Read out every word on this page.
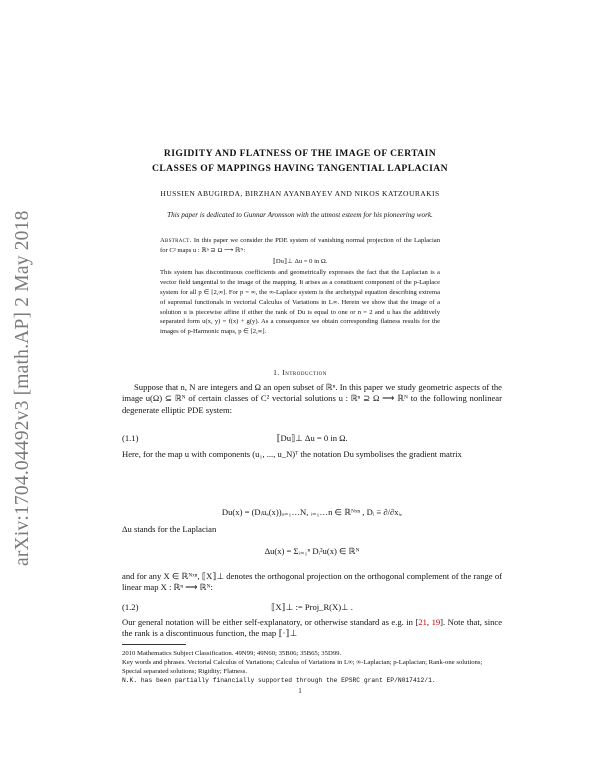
arXiv:1704.04492v3 [math.AP] 2 May 2018
RIGIDITY AND FLATNESS OF THE IMAGE OF CERTAIN
CLASSES OF MAPPINGS HAVING TANGENTIAL LAPLACIAN
HUSSIEN ABUGIRDA, BIRZHAN AYANBAYEV AND NIKOS KATZOURAKIS
This paper is dedicated to Gunnar Aronsson with the utmost esteem for his pioneering work.
Abstract. In this paper we consider the PDE system of vanishing normal projection of the Laplacian for C² maps u : ℝⁿ ⊇ Ω ⟶ ℝᴺ:
⟦Du⟧⊥ Δu = 0 in Ω.
This system has discontinuous coefficients and geometrically expresses the fact that the Laplacian is a vector field tangential to the image of the mapping. It arises as a constituent component of the p-Laplace system for all p ∈ [2,∞]. For p = ∞, the ∞-Laplace system is the archetypal equation describing extrema of supremal functionals in vectorial Calculus of Variations in L∞. Herein we show that the image of a solution u is piecewise affine if either the rank of Du is equal to one or n = 2 and u has the additively separated form u(x, y) = f(x) + g(y). As a consequence we obtain corresponding flatness results for the images of p-Harmonic maps, p ∈ [2,∞].
1. Introduction
Suppose that n, N are integers and Ω an open subset of ℝⁿ. In this paper we study geometric aspects of the image u(Ω) ⊆ ℝᴺ of certain classes of C² vectorial solutions u : ℝⁿ ⊇ Ω ⟶ ℝᴺ to the following nonlinear degenerate elliptic PDE system:
(1.1)	⟦Du⟧⊥ Δu = 0 in Ω.
Here, for the map u with components (u₁, ..., u_N)ᵀ the notation Du symbolises the gradient matrix
Du(x) = (Dᵢuₐ(x))ₐ₌₁…N, ᵢ₌₁…n ∈ ℝᴺˣⁿ , Dᵢ ≡ ∂/∂xᵢ,
Δu stands for the Laplacian
Δu(x) = Σᵢ₌₁ⁿ Dᵢ²u(x) ∈ ℝᴺ
and for any X ∈ ℝᴺˣⁿ, ⟦X⟧⊥ denotes the orthogonal projection on the orthogonal complement of the range of linear map X : ℝⁿ ⟶ ℝᴺ:
(1.2)	⟦X⟧⊥ := Proj_R(X)⊥ .
Our general notation will be either self-explanatory, or otherwise standard as e.g. in [21, 19]. Note that, since the rank is a discontinuous function, the map ⟦·⟧⊥
2010 Mathematics Subject Classification. 49N99; 49N60; 35B06; 35B65; 35D99.
Key words and phrases. Vectorial Calculus of Variations; Calculus of Variations in L∞; ∞-Laplacian; p-Laplacian; Rank-one solutions; Special separated solutions; Rigidity; Flatness.
N.K. has been partially financially supported through the EPSRC grant EP/N017412/1.
1
